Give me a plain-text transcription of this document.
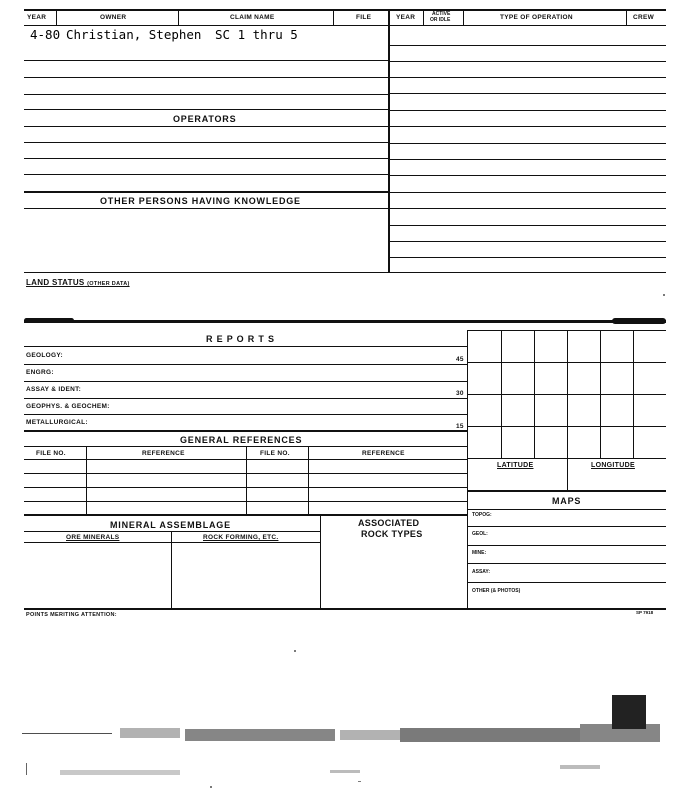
YEAR	OWNER	CLAIM NAME	FILE	YEAR	ACTIVE
OR IDLE	TYPE OF OPERATION	CREW
4-80 Christian, Stephen SC 1 thru 5
OPERATORS
OTHER PERSONS HAVING KNOWLEDGE
LAND STATUS (OTHER DATA)
R E P O R T S
GEOLOGY:
45
ENGRG:
ASSAY & IDENT:
30
GEOPHYS. & GEOCHEM:
METALLURGICAL:
15
GENERAL REFERENCES
FILE NO.	REFERENCE	FILE NO.	REFERENCE
MINERAL ASSEMBLAGE
ORE MINERALS	ROCK FORMING, ETC.
ASSOCIATED
ROCK TYPES
LATITUDE	LONGITUDE
MAPS
TOPOG:
GEOL:
MINE:
ASSAY:
OTHER (& PHOTOS)
POINTS MERITING ATTENTION:	SP 7918
